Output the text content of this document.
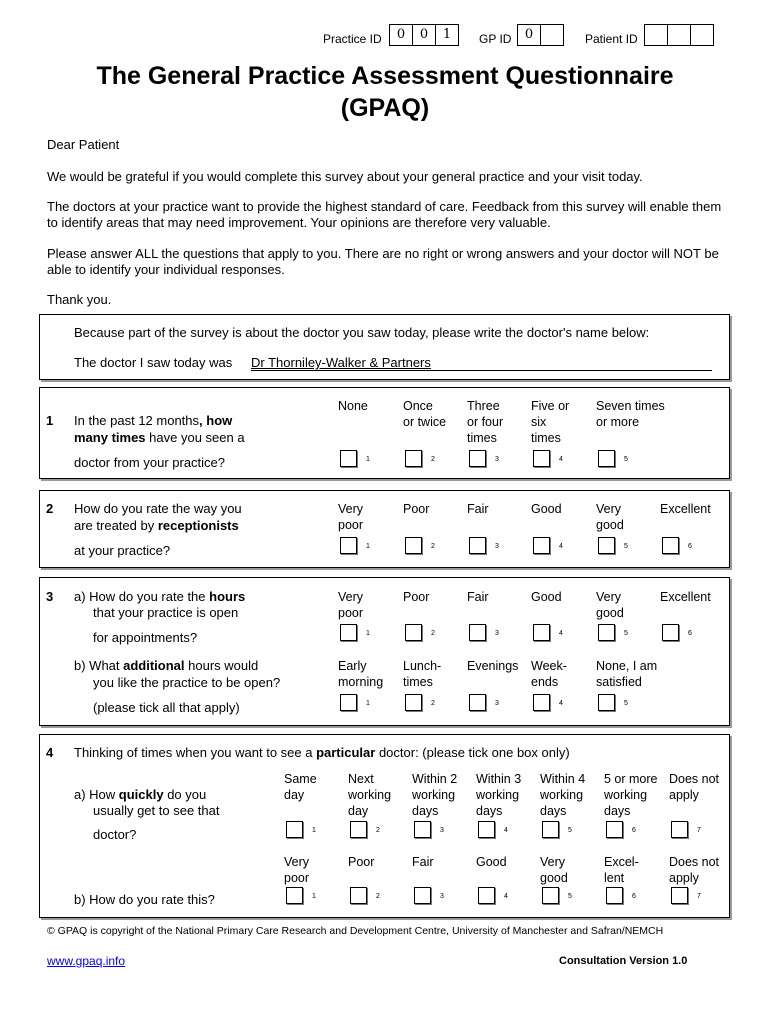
Practice ID	0	0	1	GP ID	0	Patient ID
The General Practice Assessment Questionnaire
(GPAQ)
Dear Patient
We would be grateful if you would complete this survey about your general practice and your visit today.
The doctors at your practice want to provide the highest standard of care. Feedback from this survey will enable them to identify areas that may need improvement. Your opinions are therefore very valuable.
Please answer ALL the questions that apply to you. There are no right or wrong answers and your doctor will NOT be able to identify your individual responses.
Thank you.
Because part of the survey is about the doctor you saw today, please write the doctor's name below:
The doctor I saw today was Dr Thorniley-Walker & Partners
1 In the past 12 months, how
many times have you seen a
doctor from your practice?
None
1
Once
or twice
2
Three
or four
times
3
Five or
six
times
4
Seven times
or more
5
2 How do you rate the way you
are treated by receptionists
at your practice?
Very
poor
1
Poor
2
Fair
3
Good
4
Very
good
5
Excellent
6
3 a) How do you rate the hours
that your practice is open
for appointments?
b) What additional hours would
you like the practice to be open?
(please tick all that apply)
Very
poor
1
Poor
2
Fair
3
Good
4
Very
good
5
Excellent
6
Early
morning
1
Lunch-
times
2
Evenings
3
Week-
ends
4
None, I am
satisfied
5
4 Thinking of times when you want to see a particular doctor: (please tick one box only)
a) How quickly do you
usually get to see that
doctor?
b) How do you rate this?
Same
day
1
Next
working
day
2
Within 2
working
days
3
Within 3
working
days
4
Within 4
working
days
5
5 or more
working
days
6
Does not
apply
7
Very
poor
1
Poor
2
Fair
3
Good
4
Very
good
5
Excel-
lent
6
Does not
apply
7
© GPAQ is copyright of the National Primary Care Research and Development Centre, University of Manchester and Safran/NEMCH
www.gpaq.info	Consultation Version 1.0
